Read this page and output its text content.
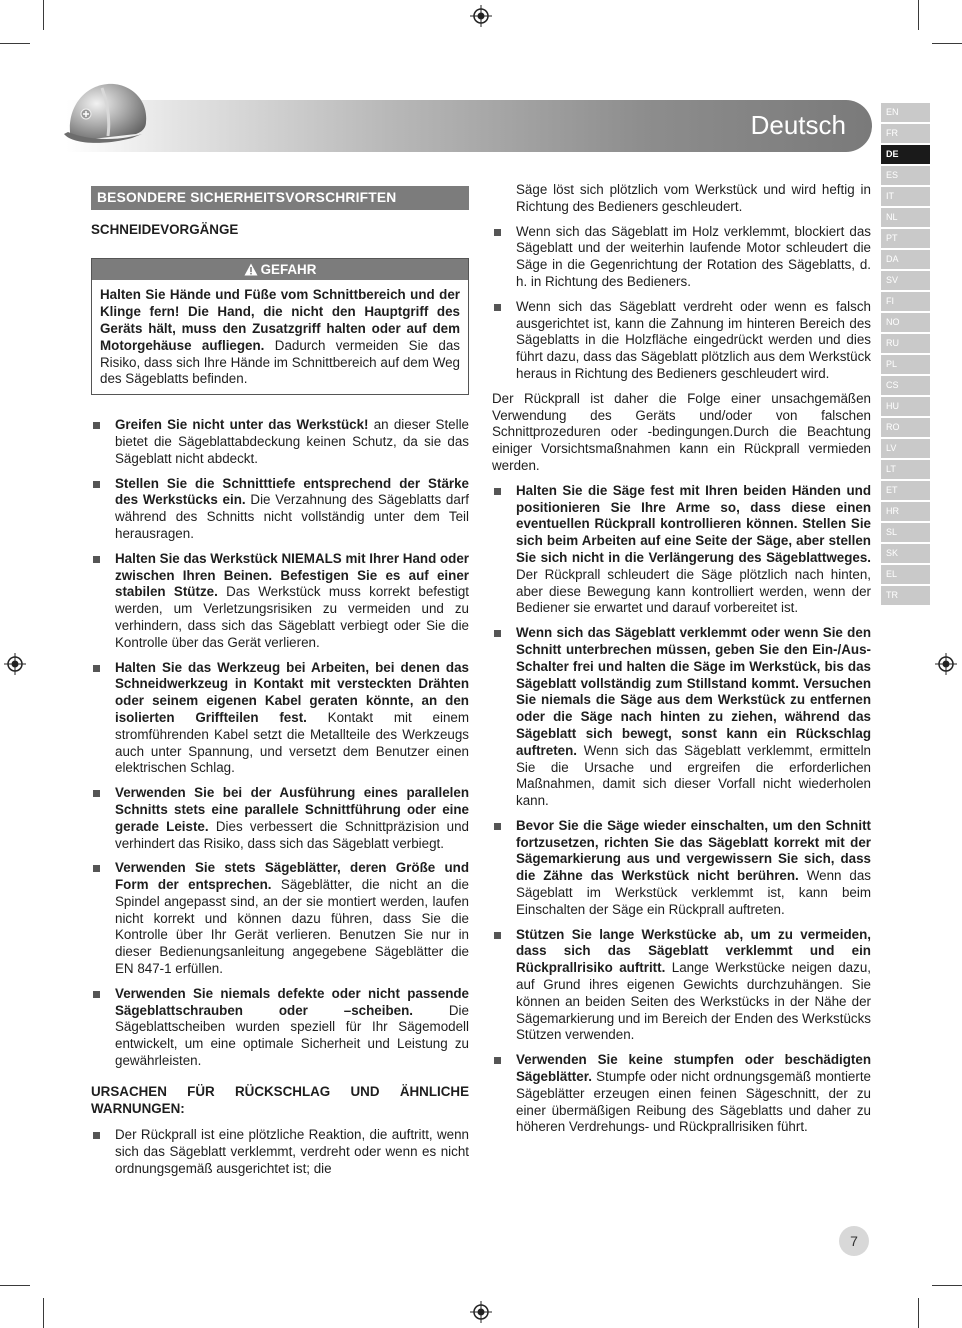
Deutsch	EN
FR
DE
ES
IT
NL
PT
DA
SV
FI
NO
RU
PL
CS
HU
RO
LV
LT
ET
HR
SL
SK
EL
TR
BESONDERE SICHERHEITSVORSCHRIFTEN
SCHNEIDEVORGÄNGE
GEFAHR
Halten Sie Hände und Füße vom Schnittbereich und der Klinge fern! Die Hand, die nicht den Hauptgriff des Geräts hält, muss den Zusatzgriff halten oder auf dem Motorgehäuse aufliegen. Dadurch vermeiden Sie das Risiko, dass sich Ihre Hände im Schnittbereich auf dem Weg des Sägeblatts befinden.
Greifen Sie nicht unter das Werkstück! an dieser Stelle bietet die Sägeblattabdeckung keinen Schutz, da sie das Sägeblatt nicht abdeckt.
Stellen Sie die Schnitttiefe entsprechend der Stärke des Werkstücks ein. Die Verzahnung des Sägeblatts darf während des Schnitts nicht vollständig unter dem Teil herausragen.
Halten Sie das Werkstück NIEMALS mit Ihrer Hand oder zwischen Ihren Beinen. Befestigen Sie es auf einer stabilen Stütze. Das Werkstück muss korrekt befestigt werden, um Verletzungsrisiken zu vermeiden und zu verhindern, dass sich das Sägeblatt verbiegt oder Sie die Kontrolle über das Gerät verlieren.
Halten Sie das Werkzeug bei Arbeiten, bei denen das Schneidwerkzeug in Kontakt mit versteckten Drähten oder seinem eigenen Kabel geraten könnte, an den isolierten Griffteilen fest. Kontakt mit einem stromführenden Kabel setzt die Metallteile des Werkzeugs auch unter Spannung, und versetzt dem Benutzer einen elektrischen Schlag.
Verwenden Sie bei der Ausführung eines parallelen Schnitts stets eine parallele Schnittführung oder eine gerade Leiste. Dies verbessert die Schnittpräzision und verhindert das Risiko, dass sich das Sägeblatt verbiegt.
Verwenden Sie stets Sägeblätter, deren Größe und Form der entsprechen. Sägeblätter, die nicht an die Spindel angepasst sind, an der sie montiert werden, laufen nicht korrekt und können dazu führen, dass Sie die Kontrolle über Ihr Gerät verlieren. Benutzen Sie nur in dieser Bedienungsanleitung angegebene Sägeblätter die EN 847-1 erfüllen.
Verwenden Sie niemals defekte oder nicht passende Sägeblattschrauben oder –scheiben. Die Sägeblattscheiben wurden speziell für Ihr Sägemodell entwickelt, um eine optimale Sicherheit und Leistung zu gewährleisten.
URSACHEN FÜR RÜCKSCHLAG UND ÄHNLICHE WARNUNGEN:
Der Rückprall ist eine plötzliche Reaktion, die auftritt, wenn sich das Sägeblatt verklemmt, verdreht oder wenn es nicht ordnungsgemäß ausgerichtet ist; die
Säge löst sich plötzlich vom Werkstück und wird heftig in Richtung des Bedieners geschleudert.
Wenn sich das Sägeblatt im Holz verklemmt, blockiert das Sägeblatt und der weiterhin laufende Motor schleudert die Säge in die Gegenrichtung der Rotation des Sägeblatts, d. h. in Richtung des Bedieners.
Wenn sich das Sägeblatt verdreht oder wenn es falsch ausgerichtet ist, kann die Zahnung im hinteren Bereich des Sägeblatts in die Holzfläche eingedrückt werden und dies führt dazu, dass das Sägeblatt plötzlich aus dem Werkstück heraus in Richtung des Bedieners geschleudert wird.
Der Rückprall ist daher die Folge einer unsachgemäßen Verwendung des Geräts und/oder von falschen Schnittprozeduren oder -bedingungen.Durch die Beachtung einiger Vorsichtsmaßnahmen kann ein Rückprall vermieden werden.
Halten Sie die Säge fest mit Ihren beiden Händen und positionieren Sie Ihre Arme so, dass diese einen eventuellen Rückprall kontrollieren können. Stellen Sie sich beim Arbeiten auf eine Seite der Säge, aber stellen Sie sich nicht in die Verlängerung des Sägeblattweges. Der Rückprall schleudert die Säge plötzlich nach hinten, aber diese Bewegung kann kontrolliert werden, wenn der Bediener sie erwartet und darauf vorbereitet ist.
Wenn sich das Sägeblatt verklemmt oder wenn Sie den Schnitt unterbrechen müssen, geben Sie den Ein-/Aus-Schalter frei und halten die Säge im Werkstück, bis das Sägeblatt vollständig zum Stillstand kommt. Versuchen Sie niemals die Säge aus dem Werkstück zu entfernen oder die Säge nach hinten zu ziehen, während das Sägeblatt sich bewegt, sonst kann ein Rückschlag auftreten. Wenn sich das Sägeblatt verklemmt, ermitteln Sie die Ursache und ergreifen die erforderlichen Maßnahmen, damit sich dieser Vorfall nicht wiederholen kann.
Bevor Sie die Säge wieder einschalten, um den Schnitt fortzusetzen, richten Sie das Sägeblatt korrekt mit der Sägemarkierung aus und vergewissern Sie sich, dass die Zähne das Werkstück nicht berühren. Wenn das Sägeblatt im Werkstück verklemmt ist, kann beim Einschalten der Säge ein Rückprall auftreten.
Stützen Sie lange Werkstücke ab, um zu vermeiden, dass sich das Sägeblatt verklemmt und ein Rückprallrisiko auftritt. Lange Werkstücke neigen dazu, auf Grund ihres eigenen Gewichts durchzuhängen. Sie können an beiden Seiten des Werkstücks in der Nähe der Sägemarkierung und im Bereich der Enden des Werkstücks Stützen verwenden.
Verwenden Sie keine stumpfen oder beschädigten Sägeblätter. Stumpfe oder nicht ordnungsgemäß montierte Sägeblätter erzeugen einen feinen Sägeschnitt, der zu einer übermäßigen Reibung des Sägeblatts und daher zu höheren Verdrehungs- und Rückprallrisiken führt.
7
